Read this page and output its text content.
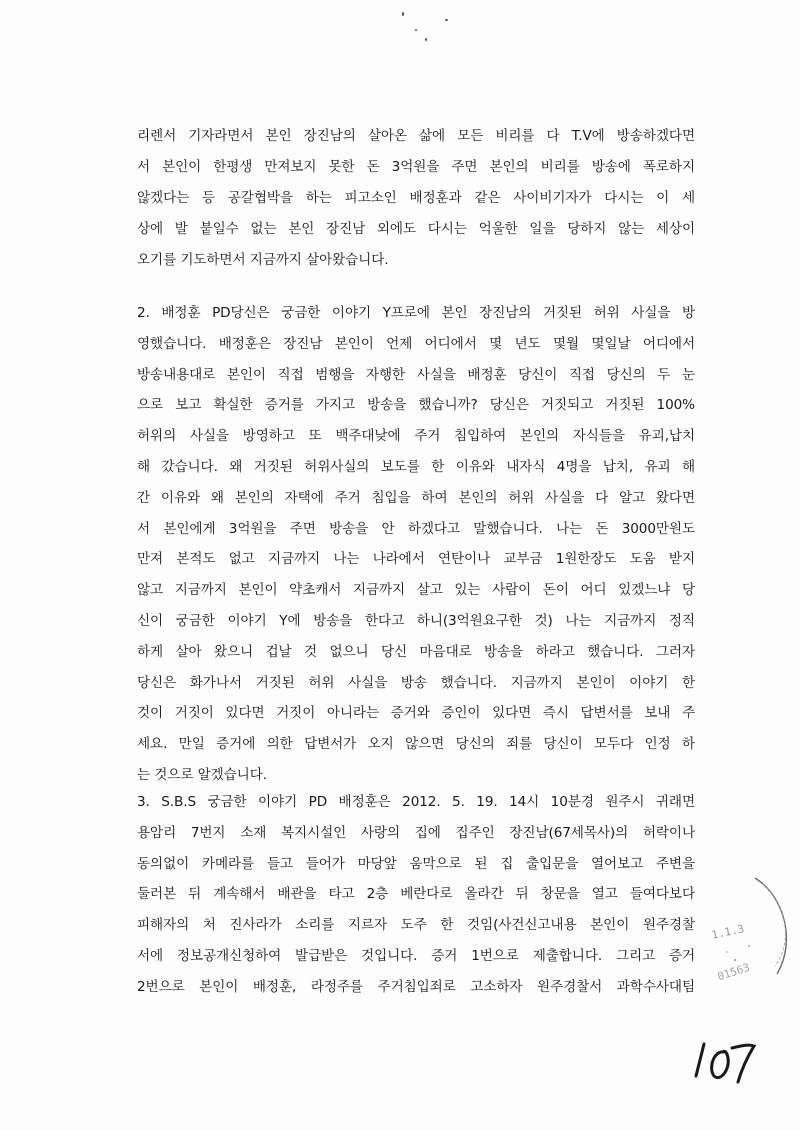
리렌서 기자라면서 본인 장진남의 살아온 삶에 모든 비리를 다 T.V에 방송하겠다면
서 본인이 한평생 만져보지 못한 돈 3억원을 주면 본인의 비리를 방송에 폭로하지
않겠다는 등 공갈협박을 하는 피고소인 배정훈과 같은 사이비기자가 다시는 이 세
상에 발 붙일수 없는 본인 장진남 외에도 다시는 억울한 일을 당하지 않는 세상이
오기를 기도하면서 지금까지 살아왔습니다.
2. 배정훈 PD당신은 궁금한 이야기 Y프로에 본인 장진남의 거짓된 허위 사실을 방
영했습니다. 배정훈은 장진남 본인이 언제 어디에서 몇 년도 몇월 몇일날 어디에서
방송내용대로 본인이 직접 범행을 자행한 사실을 배정훈 당신이 직접 당신의 두 눈
으로 보고 확실한 증거를 가지고 방송을 했습니까? 당신은 거짓되고 거짓된 100%
허위의 사실을 방영하고 또 백주대낮에 주거 침입하여 본인의 자식들을 유괴,납치
해 갔습니다. 왜 거짓된 허위사실의 보도를 한 이유와 내자식 4명을 납치, 유괴 해
간 이유와 왜 본인의 자택에 주거 침입을 하여 본인의 허위 사실을 다 알고 왔다면
서 본인에게 3억원을 주면 방송을 안 하겠다고 말했습니다. 나는 돈 3000만원도
만져 본적도 없고 지금까지 나는 나라에서 연탄이나 교부금 1원한장도 도움 받지
않고 지금까지 본인이 약초캐서 지금까지 살고 있는 사람이 돈이 어디 있겠느냐 당
신이 궁금한 이야기 Y에 방송을 한다고 하니(3억원요구한 것) 나는 지금까지 정직
하게 살아 왔으니 겁날 것 없으니 당신 마음대로 방송을 하라고 했습니다. 그러자
당신은 화가나서 거짓된 허위 사실을 방송 했습니다. 지금까지 본인이 이야기 한
것이 거짓이 있다면 거짓이 아니라는 증거와 증인이 있다면 즉시 답변서를 보내 주
세요. 만일 증거에 의한 답변서가 오지 않으면 당신의 죄를 당신이 모두다 인정 하
는 것으로 알겠습니다.
3. S.B.S 궁금한 이야기 PD 배정훈은 2012. 5. 19. 14시 10분경 원주시 귀래면
용암리 7번지 소재 복지시설인 사랑의 집에 집주인 장진남(67세목사)의 허락이나
동의없이 카메라를 들고 들어가 마당앞 움막으로 된 집 출입문을 열어보고 주변을
둘러본 뒤 계속해서 배관을 타고 2층 베란다로 올라간 뒤 창문을 열고 들여다보다
피해자의 처 진사라가 소리를 지르자 도주 한 것임(사건신고내용 본인이 원주경찰
서에 정보공개신청하여 발급받은 것입니다. 증거 1번으로 제출합니다. 그리고 증거
2번으로 본인이 배정훈, 라정주를 주거침입죄로 고소하자 원주경찰서 과학수사대팀
1.1.3
01563
